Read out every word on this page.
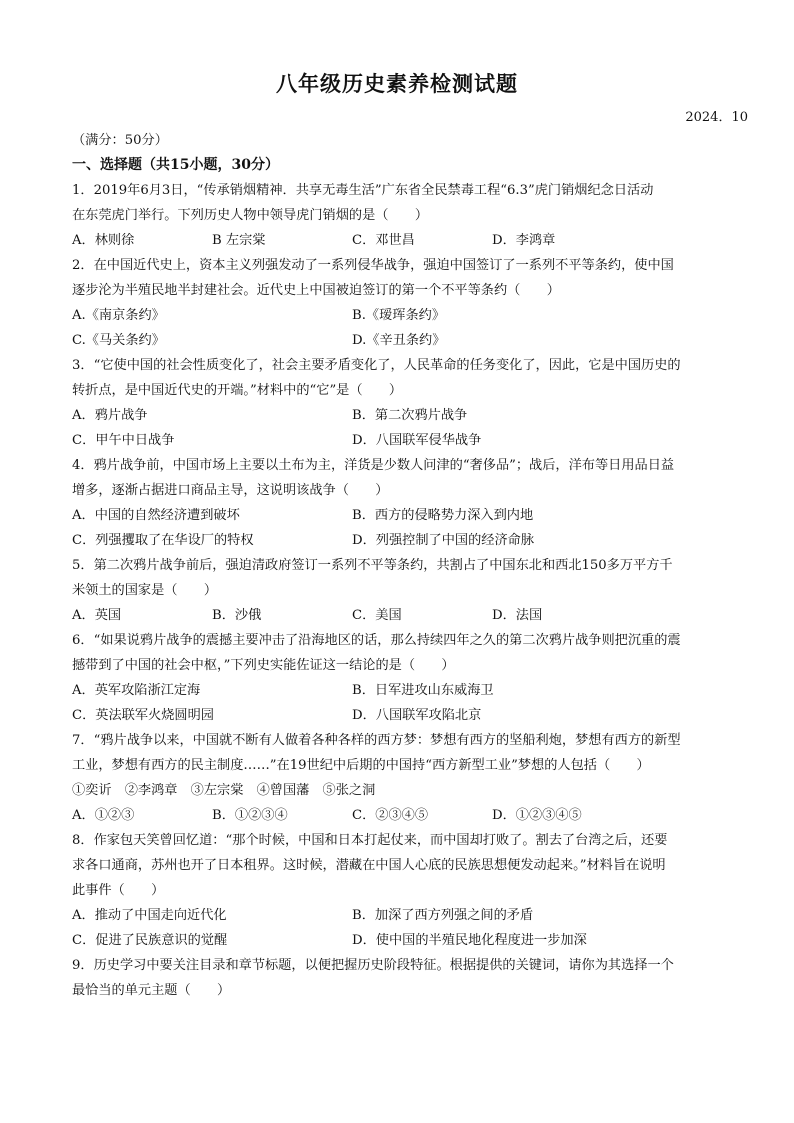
八年级历史素养检测试题
2024．10
（满分：50分）
一、选择题（共15小题，30分）
1．2019年6月3日，“传承销烟精神．共享无毒生活”广东省全民禁毒工程“6.3”虎门销烟纪念日活动
在东莞虎门举行。下列历史人物中领导虎门销烟的是（　　）
A．林则徐	B 左宗棠	C．邓世昌	D．李鸿章
2．在中国近代史上，资本主义列强发动了一系列侵华战争，强迫中国签订了一系列不平等条约，使中国
逐步沦为半殖民地半封建社会。近代史上中国被迫签订的第一个不平等条约（　　）
A.《南京条约》	B.《瑷珲条约》
C.《马关条约》	D.《辛丑条约》
3．“它使中国的社会性质变化了，社会主要矛盾变化了，人民革命的任务变化了，因此，它是中国历史的
转折点，是中国近代史的开端。”材料中的“它”是（　　）
A．鸦片战争	B．第二次鸦片战争
C．甲午中日战争	D．八国联军侵华战争
4．鸦片战争前，中国市场上主要以土布为主，洋货是少数人问津的“奢侈品”；战后，洋布等日用品日益
增多，逐渐占据进口商品主导，这说明该战争（　　）
A．中国的自然经济遭到破坏	B．西方的侵略势力深入到内地
C．列强攫取了在华设厂的特权	D．列强控制了中国的经济命脉
5．第二次鸦片战争前后，强迫清政府签订一系列不平等条约，共割占了中国东北和西北150多万平方千
米领土的国家是（　　）
A．英国	B．沙俄	C．美国	D．法国
6．“如果说鸦片战争的震撼主要冲击了沿海地区的话，那么持续四年之久的第二次鸦片战争则把沉重的震
撼带到了中国的社会中枢，”下列史实能佐证这一结论的是（　　）
A．英军攻陷浙江定海	B．日军进攻山东威海卫
C．英法联军火烧圆明园	D．八国联军攻陷北京
7．“鸦片战争以来，中国就不断有人做着各种各样的西方梦：梦想有西方的坚船利炮，梦想有西方的新型
工业，梦想有西方的民主制度……”在19世纪中后期的中国持“西方新型工业”梦想的人包括（　　）
①奕䜣　②李鸿章　③左宗棠　④曾国藩　⑤张之洞
A．①②③	B．①②③④	C．②③④⑤	D．①②③④⑤
8．作家包天笑曾回忆道：“那个时候，中国和日本打起仗来，而中国却打败了。割去了台湾之后，还要
求各口通商，苏州也开了日本租界。这时候，潜藏在中国人心底的民族思想便发动起来。”材料旨在说明
此事件（　　）
A．推动了中国走向近代化	B．加深了西方列强之间的矛盾
C．促进了民族意识的觉醒	D．使中国的半殖民地化程度进一步加深
9．历史学习中要关注目录和章节标题，以便把握历史阶段特征。根据提供的关键词，请你为其选择一个
最恰当的单元主题（　　）
